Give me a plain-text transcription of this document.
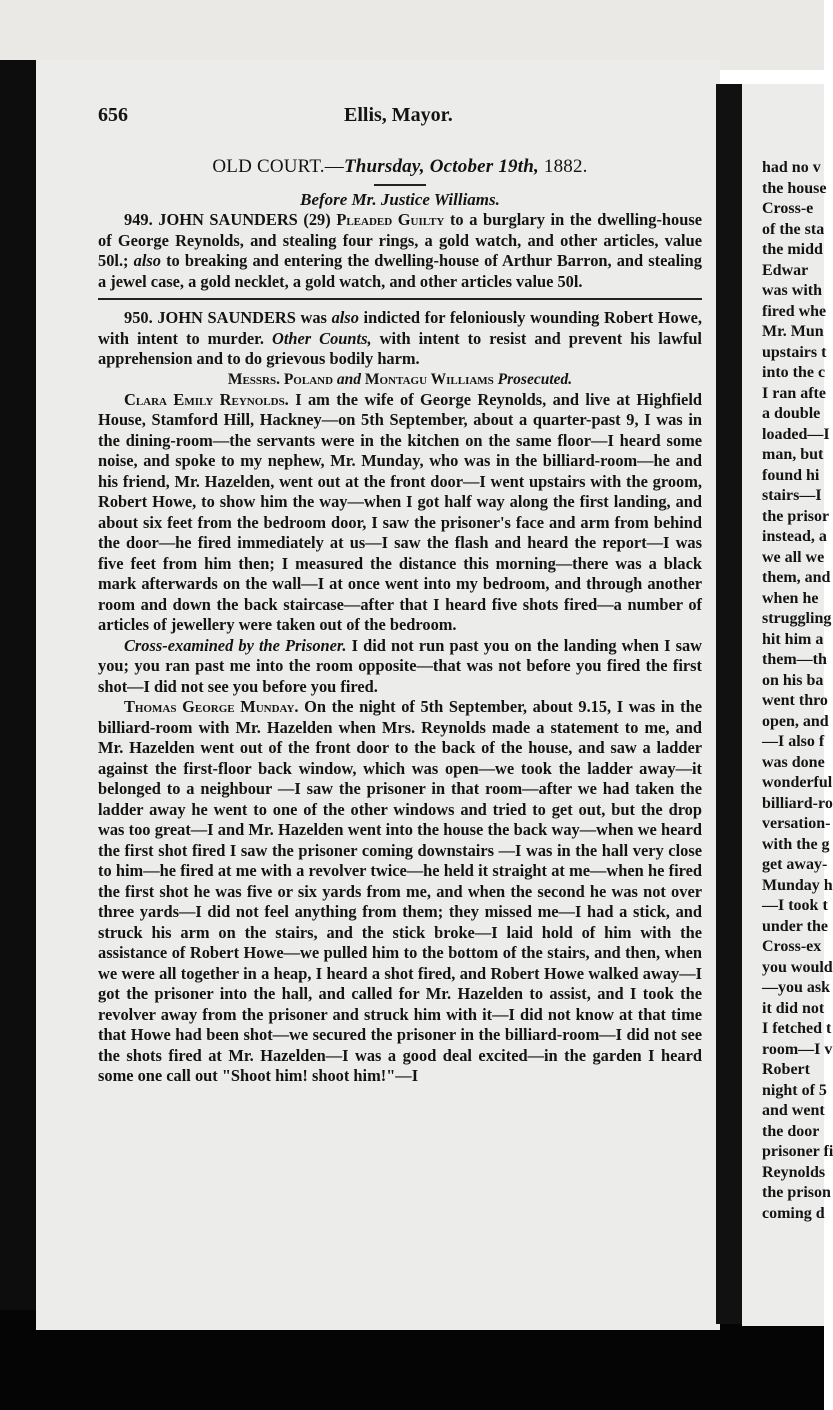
656	Ellis, Mayor.
OLD COURT.—Thursday, October 19th, 1882.
Before Mr. Justice Williams.

949. JOHN SAUNDERS (29) Pleaded Guilty to a burglary in the dwelling-house of George Reynolds, and stealing four rings, a gold watch, and other articles, value 50l.; also to breaking and entering the dwelling-house of Arthur Barron, and stealing a jewel case, a gold necklet, a gold watch, and other articles value 50l.

950. JOHN SAUNDERS was also indicted for feloniously wounding Robert Howe, with intent to murder. Other Counts, with intent to resist and prevent his lawful apprehension and to do grievous bodily harm.

Messrs. Poland and Montagu Williams Prosecuted.

Clara Emily Reynolds. I am the wife of George Reynolds, and live at Highfield House, Stamford Hill, Hackney—on 5th September, about a quarter-past 9, I was in the dining-room—the servants were in the kitchen on the same floor—I heard some noise, and spoke to my nephew, Mr. Munday, who was in the billiard-room—he and his friend, Mr. Hazelden, went out at the front door—I went upstairs with the groom, Robert Howe, to show him the way—when I got half way along the first landing, and about six feet from the bedroom door, I saw the prisoner's face and arm from behind the door—he fired immediately at us—I saw the flash and heard the report—I was five feet from him then; I measured the distance this morning—there was a black mark afterwards on the wall—I at once went into my bedroom, and through another room and down the back staircase—after that I heard five shots fired—a number of articles of jewellery were taken out of the bedroom.

Cross-examined by the Prisoner. I did not run past you on the landing when I saw you; you ran past me into the room opposite—that was not before you fired the first shot—I did not see you before you fired.

Thomas George Munday. On the night of 5th September, about 9.15, I was in the billiard-room with Mr. Hazelden when Mrs. Reynolds made a statement to me, and Mr. Hazelden went out of the front door to the back of the house, and saw a ladder against the first-floor back window, which was open—we took the ladder away—it belonged to a neighbour —I saw the prisoner in that room—after we had taken the ladder away he went to one of the other windows and tried to get out, but the drop was too great—I and Mr. Hazelden went into the house the back way—when we heard the first shot fired I saw the prisoner coming downstairs —I was in the hall very close to him—he fired at me with a revolver twice—he held it straight at me—when he fired the first shot he was five or six yards from me, and when the second he was not over three yards—I did not feel anything from them; they missed me—I had a stick, and struck his arm on the stairs, and the stick broke—I laid hold of him with the assistance of Robert Howe—we pulled him to the bottom of the stairs, and then, when we were all together in a heap, I heard a shot fired, and Robert Howe walked away—I got the prisoner into the hall, and called for Mr. Hazelden to assist, and I took the revolver away from the prisoner and struck him with it—I did not know at that time that Howe had been shot—we secured the prisoner in the billiard-room—I did not see the shots fired at Mr. Hazelden—I was a good deal excited—in the garden I heard some one call out "Shoot him! shoot him!"—I

had no v
the house
Cross-e
of the sta
the midd
Edwar
was with
fired whe
Mr. Mun
upstairs t
into the c
I ran afte
a double
loaded—I
man, but
found hi
stairs—I
the prisor
instead, a
we all we
them, and
when he
struggling
hit him a
them—th
on his ba
went thro
open, and
—I also f
was done
wonderful
billiard-ro
versation-
with the g
get away-
Munday h
—I took t
under the
Cross-ex
you would
—you ask
it did not
I fetched t
room—I v
Robert
night of 5
and went
the door
prisoner fi
Reynolds
the prison
coming d
